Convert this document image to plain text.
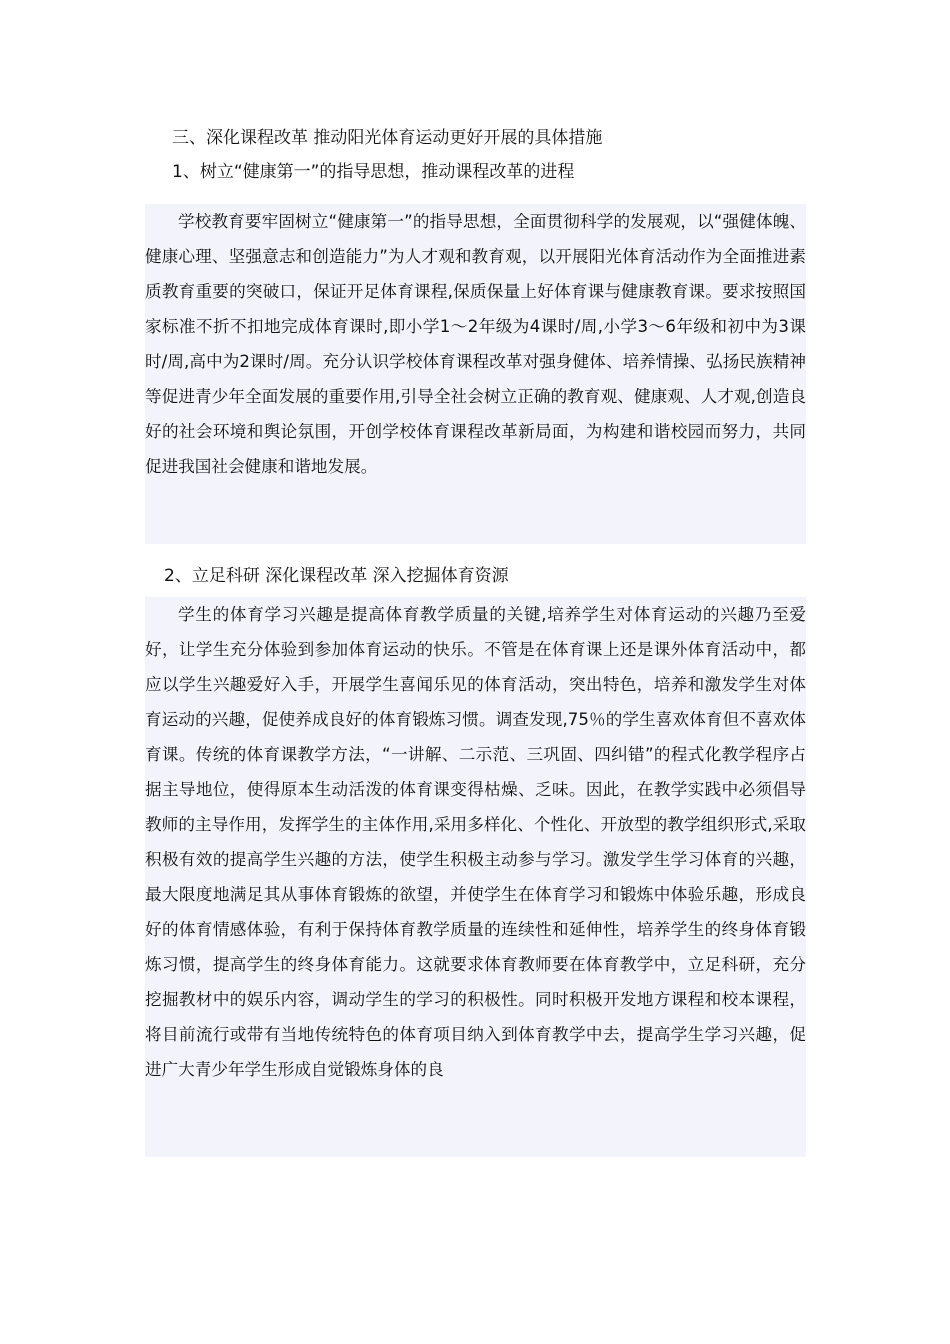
三、深化课程改革 推动阳光体育运动更好开展的具体措施
1、树立“健康第一”的指导思想，推动课程改革的进程
学校教育要牢固树立“健康第一”的指导思想，全面贯彻科学的发展观，以“强健体魄、健康心理、坚强意志和创造能力”为人才观和教育观，以开展阳光体育活动作为全面推进素质教育重要的突破口，保证开足体育课程,保质保量上好体育课与健康教育课。要求按照国家标准不折不扣地完成体育课时,即小学1～2年级为4课时/周,小学3～6年级和初中为3课时/周,高中为2课时/周。充分认识学校体育课程改革对强身健体、培养情操、弘扬民族精神等促进青少年全面发展的重要作用,引导全社会树立正确的教育观、健康观、人才观,创造良好的社会环境和舆论氛围，开创学校体育课程改革新局面，为构建和谐校园而努力，共同促进我国社会健康和谐地发展。
2、立足科研 深化课程改革 深入挖掘体育资源
学生的体育学习兴趣是提高体育教学质量的关键,培养学生对体育运动的兴趣乃至爱好，让学生充分体验到参加体育运动的快乐。不管是在体育课上还是课外体育活动中，都应以学生兴趣爱好入手，开展学生喜闻乐见的体育活动，突出特色，培养和激发学生对体育运动的兴趣，促使养成良好的体育锻炼习惯。调查发现,75％的学生喜欢体育但不喜欢体育课。传统的体育课教学方法，“一讲解、二示范、三巩固、四纠错”的程式化教学程序占据主导地位，使得原本生动活泼的体育课变得枯燥、乏味。因此，在教学实践中必须倡导教师的主导作用，发挥学生的主体作用,采用多样化、个性化、开放型的教学组织形式,采取积极有效的提高学生兴趣的方法，使学生积极主动参与学习。激发学生学习体育的兴趣，最大限度地满足其从事体育锻炼的欲望，并使学生在体育学习和锻炼中体验乐趣，形成良好的体育情感体验，有利于保持体育教学质量的连续性和延伸性，培养学生的终身体育锻炼习惯，提高学生的终身体育能力。这就要求体育教师要在体育教学中，立足科研，充分挖掘教材中的娱乐内容，调动学生的学习的积极性。同时积极开发地方课程和校本课程，将目前流行或带有当地传统特色的体育项目纳入到体育教学中去，提高学生学习兴趣，促进广大青少年学生形成自觉锻炼身体的良
